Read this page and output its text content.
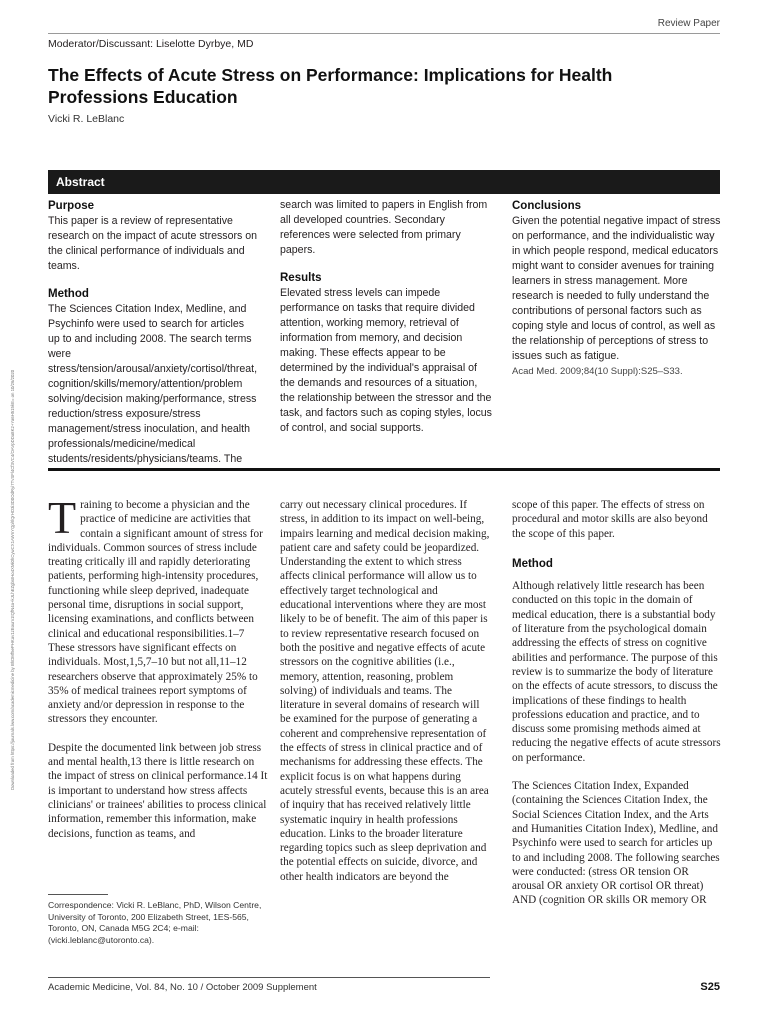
Review Paper
Moderator/Discussant: Liselotte Dyrbye, MD
The Effects of Acute Stress on Performance: Implications for Health Professions Education
Vicki R. LeBlanc
Abstract
Purpose

This paper is a review of representative research on the impact of acute stressors on the clinical performance of individuals and teams.

Method

The Sciences Citation Index, Medline, and Psychinfo were used to search for articles up to and including 2008. The search terms were stress/tension/arousal/anxiety/cortisol/threat, cognition/skills/memory/attention/problem solving/decision making/performance, stress reduction/stress exposure/stress management/stress inoculation, and health professionals/medicine/medical students/residents/physicians/teams. The

search was limited to papers in English from all developed countries. Secondary references were selected from primary papers.

Results

Elevated stress levels can impede performance on tasks that require divided attention, working memory, retrieval of information from memory, and decision making. These effects appear to be determined by the individual's appraisal of the demands and resources of a situation, the relationship between the stressor and the task, and factors such as coping styles, locus of control, and social supports.

Conclusions

Given the potential negative impact of stress on performance, and the individualistic way in which people respond, medical educators might want to consider avenues for training learners in stress management. More research is needed to fully understand the contributions of personal factors such as coping style and locus of control, as well as the relationship of perceptions of stress to issues such as fatigue.

Acad Med. 2009;84(10 Suppl):S25–S33.

Downloaded from https://journals.lww.com/academicmedicine by BhDMf5ePHKav1zEoum1tQfN4a+kJLhEZgbsIHo4XMi0hCywCX1AWnYQp/IlQrHD3i3D0OdRyi7TvSFl4Cf3VC4/OAVpDDa8K2+Ya6H515kE= on 10/26/2020 Training to become a physician and the practice of medicine are activities that contain a significant amount of stress for individuals. Common sources of stress include treating critically ill and rapidly deteriorating patients, performing high-intensity procedures, functioning while sleep deprived, inadequate personal time, disruptions in social support, licensing examinations, and conflicts between clinical and educational responsibilities.1–7 These stressors have significant effects on individuals. Most,1,5,7–10 but not all,11–12 researchers observe that approximately 25% to 35% of medical trainees report symptoms of anxiety and/or depression in response to the stressors they encounter.

Despite the documented link between job stress and mental health,13 there is little research on the impact of stress on clinical performance.14 It is important to understand how stress affects clinicians' or trainees' abilities to process clinical information, remember this information, make decisions, function as teams, and

carry out necessary clinical procedures. If stress, in addition to its impact on well-being, impairs learning and medical decision making, patient care and safety could be jeopardized. Understanding the extent to which stress affects clinical performance will allow us to effectively target technological and educational interventions where they are most likely to be of benefit. The aim of this paper is to review representative research focused on both the positive and negative effects of acute stressors on the cognitive abilities (i.e., memory, attention, reasoning, problem solving) of individuals and teams. The literature in several domains of research will be examined for the purpose of generating a coherent and comprehensive representation of the effects of stress in clinical practice and of mechanisms for addressing these effects. The explicit focus is on what happens during acutely stressful events, because this is an area of inquiry that has received relatively little systematic inquiry in health professions education. Links to the broader literature regarding topics such as sleep deprivation and the potential effects on suicide, divorce, and other health indicators are beyond the

scope of this paper. The effects of stress on procedural and motor skills are also beyond the scope of this paper.

Method

Although relatively little research has been conducted on this topic in the domain of medical education, there is a substantial body of literature from the psychological domain addressing the effects of stress on cognitive abilities and performance. The purpose of this review is to summarize the body of literature on the effects of acute stressors, to discuss the implications of these findings to health professions education and practice, and to discuss some promising methods aimed at reducing the negative effects of acute stressors on performance.

The Sciences Citation Index, Expanded (containing the Sciences Citation Index, the Social Sciences Citation Index, and the Arts and Humanities Citation Index), Medline, and Psychinfo were used to search for articles up to and including 2008. The following searches were conducted: (stress OR tension OR arousal OR anxiety OR cortisol OR threat) AND (cognition OR skills OR memory OR

Correspondence: Vicki R. LeBlanc, PhD, Wilson Centre, University of Toronto, 200 Elizabeth Street, 1ES-565, Toronto, ON, Canada M5G 2C4; e-mail: (vicki.leblanc@utoronto.ca).
Academic Medicine, Vol. 84, No. 10 / October 2009 Supplement	S25
